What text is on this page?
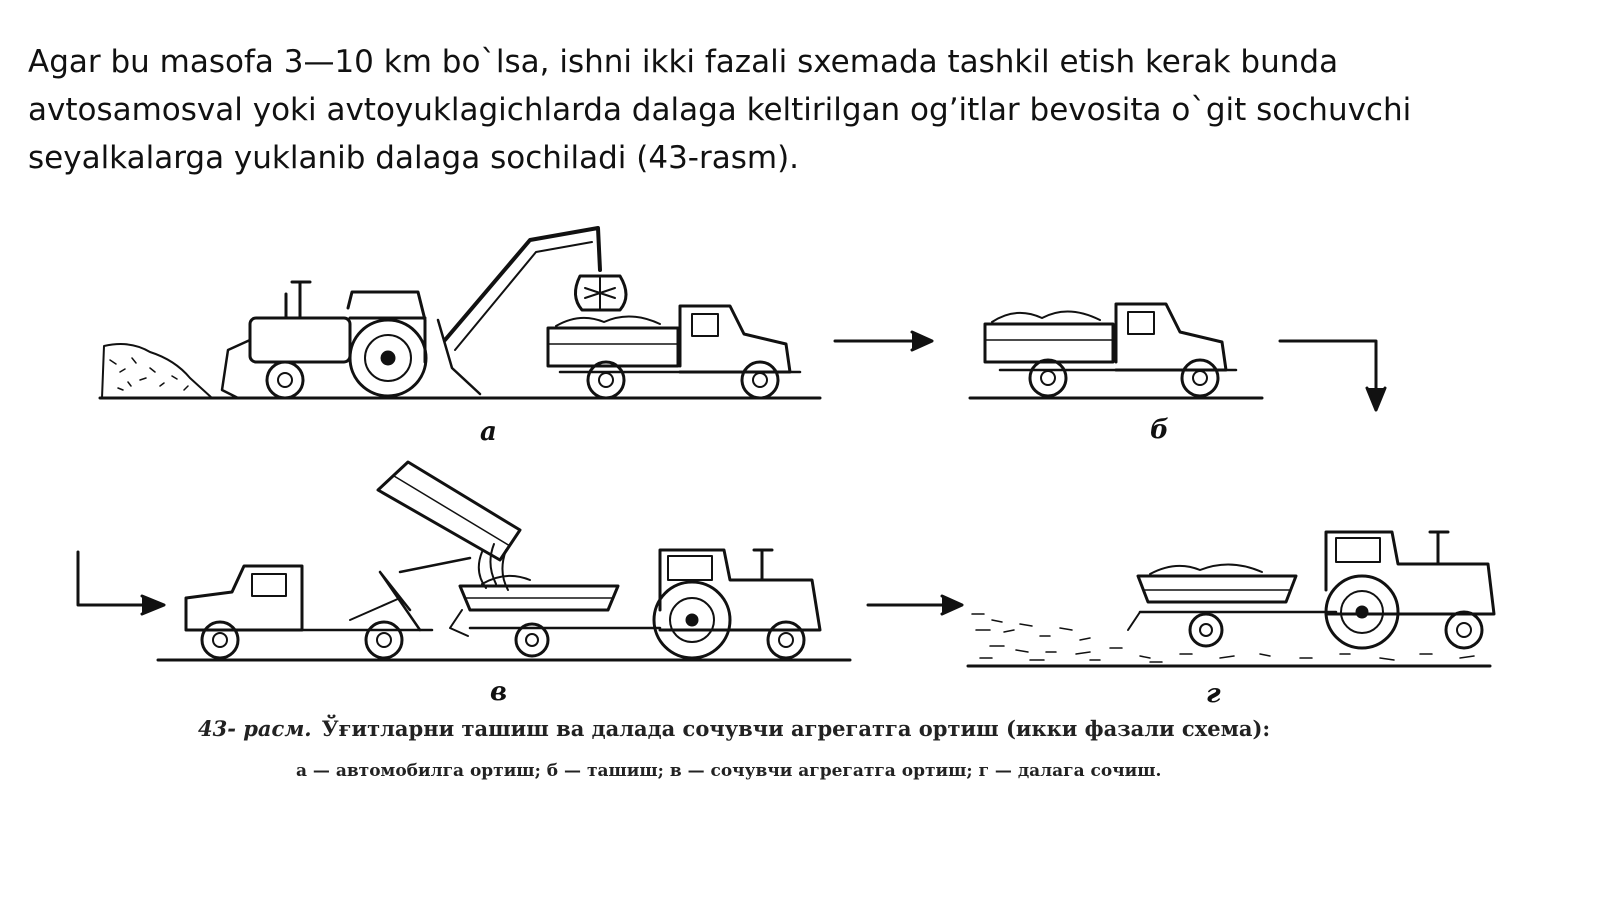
Agar bu masofa 3—10 km bo`lsa, ishni ikki fazali sxemada tashkil etish kerak bunda avtosamosval yoki avtoyuklagichlarda dalaga keltirilgan og’itlar bevosita o`git sochuvchi seyalkalarga yuklanib dalaga sochiladi (43-rasm).

а	б
в	г
43- расм. Ўғитларни ташиш ва далада сочувчи агрегатга ортиш (икки фазали схема):
а — автомобилга ортиш; б — ташиш; в — сочувчи агрегатга ортиш; г — далага сочиш.
